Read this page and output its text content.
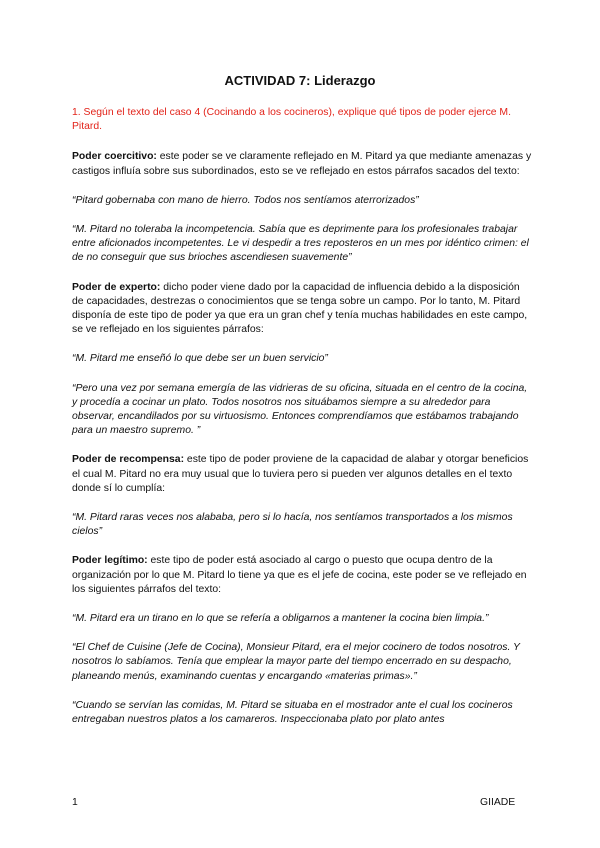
ACTIVIDAD 7: Liderazgo

1. Según el texto del caso 4 (Cocinando a los cocineros), explique qué tipos de poder ejerce M. Pitard.

Poder coercitivo: este poder se ve claramente reflejado en M. Pitard ya que mediante amenazas y castigos influía sobre sus subordinados, esto se ve reflejado en estos párrafos sacados del texto:

“Pitard gobernaba con mano de hierro. Todos nos sentíamos aterrorizados”

“M. Pitard no toleraba la incompetencia. Sabía que es deprimente para los profesionales trabajar entre aficionados incompetentes. Le vi despedir a tres reposteros en un mes por idéntico crimen: el de no conseguir que sus brioches ascendiesen suavemente”

Poder de experto: dicho poder viene dado por la capacidad de influencia debido a la disposición de capacidades, destrezas o conocimientos que se tenga sobre un campo. Por lo tanto, M. Pitard disponía de este tipo de poder ya que era un gran chef y tenía muchas habilidades en este campo, se ve reflejado en los siguientes párrafos:

“M. Pitard me enseñó lo que debe ser un buen servicio”

“Pero una vez por semana emergía de las vidrieras de su oficina, situada en el centro de la cocina, y procedía a cocinar un plato. Todos nosotros nos situábamos siempre a su alrededor para observar, encandilados por su virtuosismo. Entonces comprendíamos que estábamos trabajando para un maestro supremo. ”

Poder de recompensa: este tipo de poder proviene de la capacidad de alabar y otorgar beneficios el cual M. Pitard no era muy usual que lo tuviera pero si pueden ver algunos detalles en el texto donde sí lo cumplía:

“M. Pitard raras veces nos alababa, pero si lo hacía, nos sentíamos transportados a los mismos cielos”

Poder legítimo: este tipo de poder está asociado al cargo o puesto que ocupa dentro de la organización por lo que M. Pitard lo tiene ya que es el jefe de cocina, este poder se ve reflejado en los siguientes párrafos del texto:

“M. Pitard era un tirano en lo que se refería a obligarnos a mantener la cocina bien limpia.”

“El Chef de Cuisine (Jefe de Cocina), Monsieur Pitard, era el mejor cocinero de todos nosotros. Y nosotros lo sabíamos. Tenía que emplear la mayor parte del tiempo encerrado en su despacho, planeando menús, examinando cuentas y encargando «materias primas».”

“Cuando se servían las comidas, M. Pitard se situaba en el mostrador ante el cual los cocineros entregaban nuestros platos a los camareros. Inspeccionaba plato por plato antes

1	GIIADE
